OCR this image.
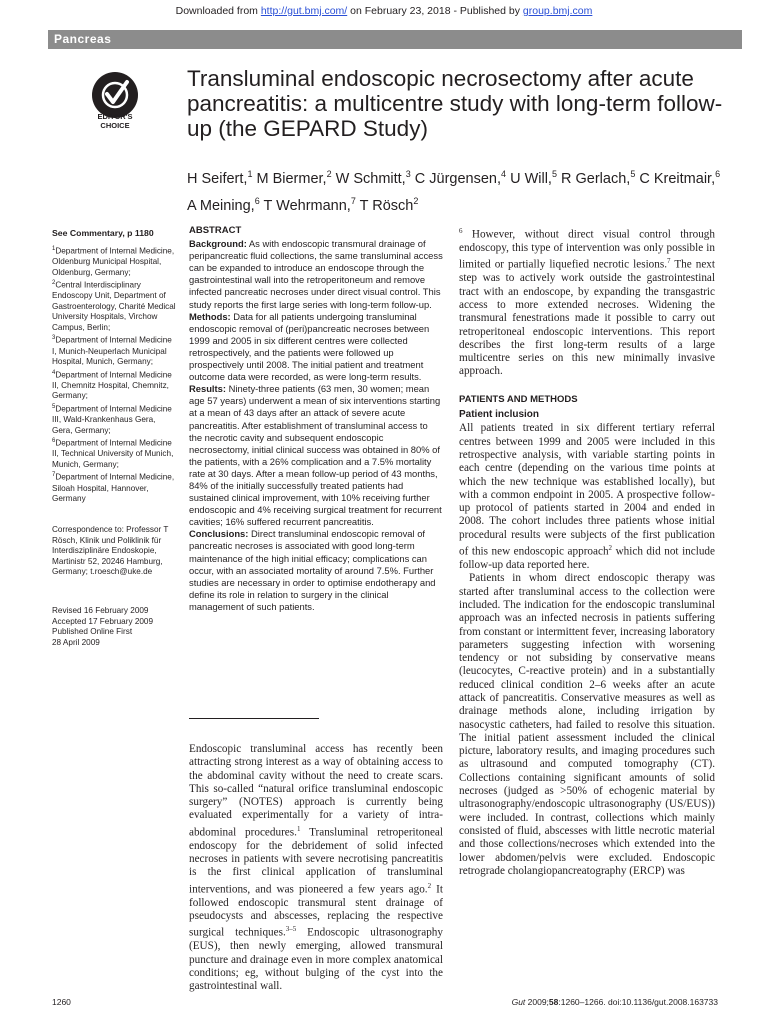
Downloaded from http://gut.bmj.com/ on February 23, 2018 - Published by group.bmj.com
Pancreas
EDITOR'S
CHOICE
Transluminal endoscopic necrosectomy after acute pancreatitis: a multicentre study with long-term follow-up (the GEPARD Study)
H Seifert,$^1$ M Biermer,$^2$ W Schmitt,$^3$ C Jürgensen,$^4$ U Will,$^5$ R Gerlach,$^5$ C Kreitmair,$^6$
A Meining,$^6$ T Wehrmann,$^7$ T Rösch$^2$
See Commentary, p 1180
$^1$Department of Internal Medicine, Oldenburg Municipal Hospital, Oldenburg, Germany;
$^2$Central Interdisciplinary Endoscopy Unit, Department of Gastroenterology, Charité Medical University Hospitals, Virchow Campus, Berlin;
$^3$Department of Internal Medicine I, Munich-Neuperlach Municipal Hospital, Munich, Germany;
$^4$Department of Internal Medicine II, Chemnitz Hospital, Chemnitz, Germany;
$^5$Department of Internal Medicine III, Wald-Krankenhaus Gera, Gera, Germany;
$^6$Department of Internal Medicine II, Technical University of Munich, Munich, Germany;
$^7$Department of Internal Medicine, Siloah Hospital, Hannover, Germany
Correspondence to: Professor T Rösch, Klinik und Poliklinik für Interdisziplinäre Endoskopie, Martinistr 52, 20246 Hamburg, Germany; t.roesch@uke.de
Revised 16 February 2009
Accepted 17 February 2009
Published Online First
28 April 2009
ABSTRACT

Background: As with endoscopic transmural drainage of peripancreatic fluid collections, the same transluminal access can be expanded to introduce an endoscope through the gastrointestinal wall into the retroperitoneum and remove infected pancreatic necroses under direct visual control. This study reports the first large series with long-term follow-up.

Methods: Data for all patients undergoing transluminal endoscopic removal of (peri)pancreatic necroses between 1999 and 2005 in six different centres were collected retrospectively, and the patients were followed up prospectively until 2008. The initial patient and treatment outcome data were recorded, as were long-term results.

Results: Ninety-three patients (63 men, 30 women; mean age 57 years) underwent a mean of six interventions starting at a mean of 43 days after an attack of severe acute pancreatitis. After establishment of transluminal access to the necrotic cavity and subsequent endoscopic necrosectomy, initial clinical success was obtained in 80% of the patients, with a 26% complication and a 7.5% mortality rate at 30 days. After a mean follow-up period of 43 months, 84% of the initially successfully treated patients had sustained clinical improvement, with 10% receiving further endoscopic and 4% receiving surgical treatment for recurrent cavities; 16% suffered recurrent pancreatitis.

Conclusions: Direct transluminal endoscopic removal of pancreatic necroses is associated with good long-term maintenance of the high initial efficacy; complications can occur, with an associated mortality of around 7.5%. Further studies are necessary in order to optimise endotherapy and define its role in relation to surgery in the clinical management of such patients.

Endoscopic transluminal access has recently been attracting strong interest as a way of obtaining access to the abdominal cavity without the need to create scars. This so-called “natural orifice transluminal endoscopic surgery” (NOTES) approach is currently being evaluated experimentally for a variety of intra-abdominal procedures.$^1$ Transluminal retroperitoneal endoscopy for the debridement of solid infected necroses in patients with severe necrotising pancreatitis is the first clinical application of transluminal interventions, and was pioneered a few years ago.$^2$ It followed endoscopic transmural stent drainage of pseudocysts and abscesses, replacing the respective surgical techniques.$^{3-5}$ Endoscopic ultrasonography (EUS), then newly emerging, allowed transmural puncture and drainage even in more complex anatomical conditions; eg, without bulging of the cyst into the gastrointestinal wall.

$^6$ However, without direct visual control through endoscopy, this type of intervention was only possible in limited or partially liquefied necrotic lesions.$^7$ The next step was to actively work outside the gastrointestinal tract with an endoscope, by expanding the transgastric access to more extended necroses. Widening the transmural fenestrations made it possible to carry out retroperitoneal endoscopic interventions. This report describes the first long-term results of a large multicentre series on this new minimally invasive approach.

PATIENTS AND METHODS
Patient inclusion

All patients treated in six different tertiary referral centres between 1999 and 2005 were included in this retrospective analysis, with variable starting points in each centre (depending on the various time points at which the new technique was established locally), but with a common endpoint in 2005. A prospective follow-up protocol of patients started in 2004 and ended in 2008. The cohort includes three patients whose initial procedural results were subjects of the first publication of this new endoscopic approach$^2$ which did not include follow-up data reported here.

Patients in whom direct endoscopic therapy was started after transluminal access to the collection were included. The indication for the endoscopic transluminal approach was an infected necrosis in patients suffering from constant or intermittent fever, increasing laboratory parameters suggesting infection with worsening tendency or not subsiding by conservative means (leucocytes, C-reactive protein) and in a substantially reduced clinical condition 2–6 weeks after an acute attack of pancreatitis. Conservative measures as well as drainage methods alone, including irrigation by nasocystic catheters, had failed to resolve this situation. The initial patient assessment included the clinical picture, laboratory results, and imaging procedures such as ultrasound and computed tomography (CT). Collections containing significant amounts of solid necroses (judged as >50% of echogenic material by ultrasonography/endoscopic ultrasonography (US/EUS)) were included. In contrast, collections which mainly consisted of fluid, abscesses with little necrotic material and those collections/necroses which extended into the lower abdomen/pelvis were excluded. Endoscopic retrograde cholangiopancreatography (ERCP) was

1260	Gut 2009;58:1260–1266. doi:10.1136/gut.2008.163733
